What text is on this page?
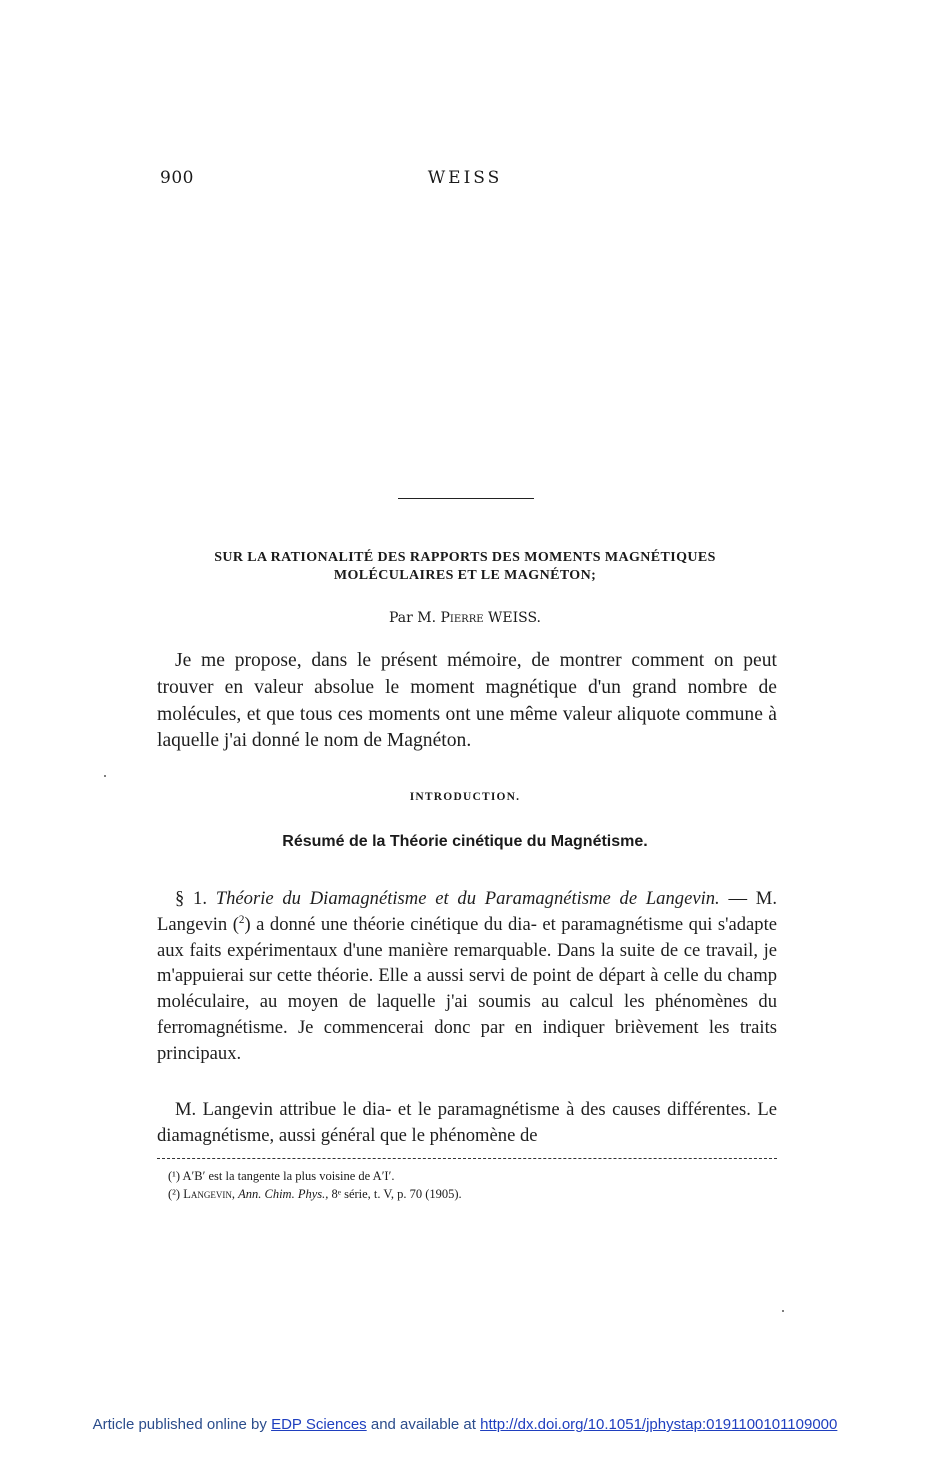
900	WEISS
SUR LA RATIONALITÉ DES RAPPORTS DES MOMENTS MAGNÉTIQUES
MOLÉCULAIRES ET LE MAGNÉTON;
Par M. Pierre WEISS.
Je me propose, dans le présent mémoire, de montrer comment on peut trouver en valeur absolue le moment magnétique d'un grand nombre de molécules, et que tous ces moments ont une même valeur aliquote commune à laquelle j'ai donné le nom de Magnéton.
INTRODUCTION.
Résumé de la Théorie cinétique du Magnétisme.
§ 1. Théorie du Diamagnétisme et du Paramagnétisme de Langevin. — M. Langevin ($^2$) a donné une théorie cinétique du dia- et paramagnétisme qui s'adapte aux faits expérimentaux d'une manière remarquable. Dans la suite de ce travail, je m'appuierai sur cette théorie. Elle a aussi servi de point de départ à celle du champ moléculaire, au moyen de laquelle j'ai soumis au calcul les phénomènes du ferromagnétisme. Je commencerai donc par en indiquer brièvement les traits principaux.
M. Langevin attribue le dia- et le paramagnétisme à des causes différentes. Le diamagnétisme, aussi général que le phénomène de
(¹) A′B′ est la tangente la plus voisine de A′I′.
(²) Langevin, Ann. Chim. Phys., 8ᵉ série, t. V, p. 70 (1905).
Article published online by EDP Sciences and available at http://dx.doi.org/10.1051/jphystap:0191100101109000
